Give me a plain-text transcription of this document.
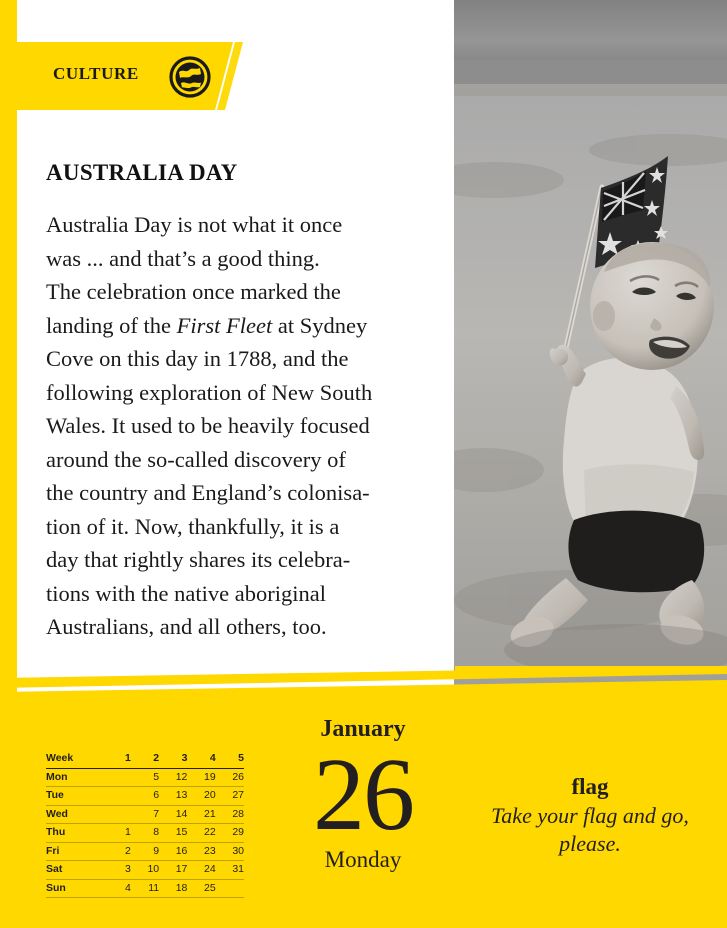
CULTURE
AUSTRALIA DAY

Australia Day is not what it once
was ... and that’s a good thing.
The celebration once marked the
landing of the First Fleet at Sydney
Cove on this day in 1788, and the
following exploration of New South
Wales. It used to be heavily focused
around the so-called discovery of
the country and England’s colonisa-
tion of it. Now, thankfully, it is a
day that rightly shares its celebra-
tions with the native aboriginal
Australians, and all others, too.

Week	1	2	3	4	5
Mon		5	12	19	26
Tue		6	13	20	27
Wed		7	14	21	28
Thu	1	8	15	22	29
Fri	2	9	16	23	30
Sat	3	10	17	24	31
Sun	4	11	18	25	
January
26
Monday
flag
Take your flag and go, please.
